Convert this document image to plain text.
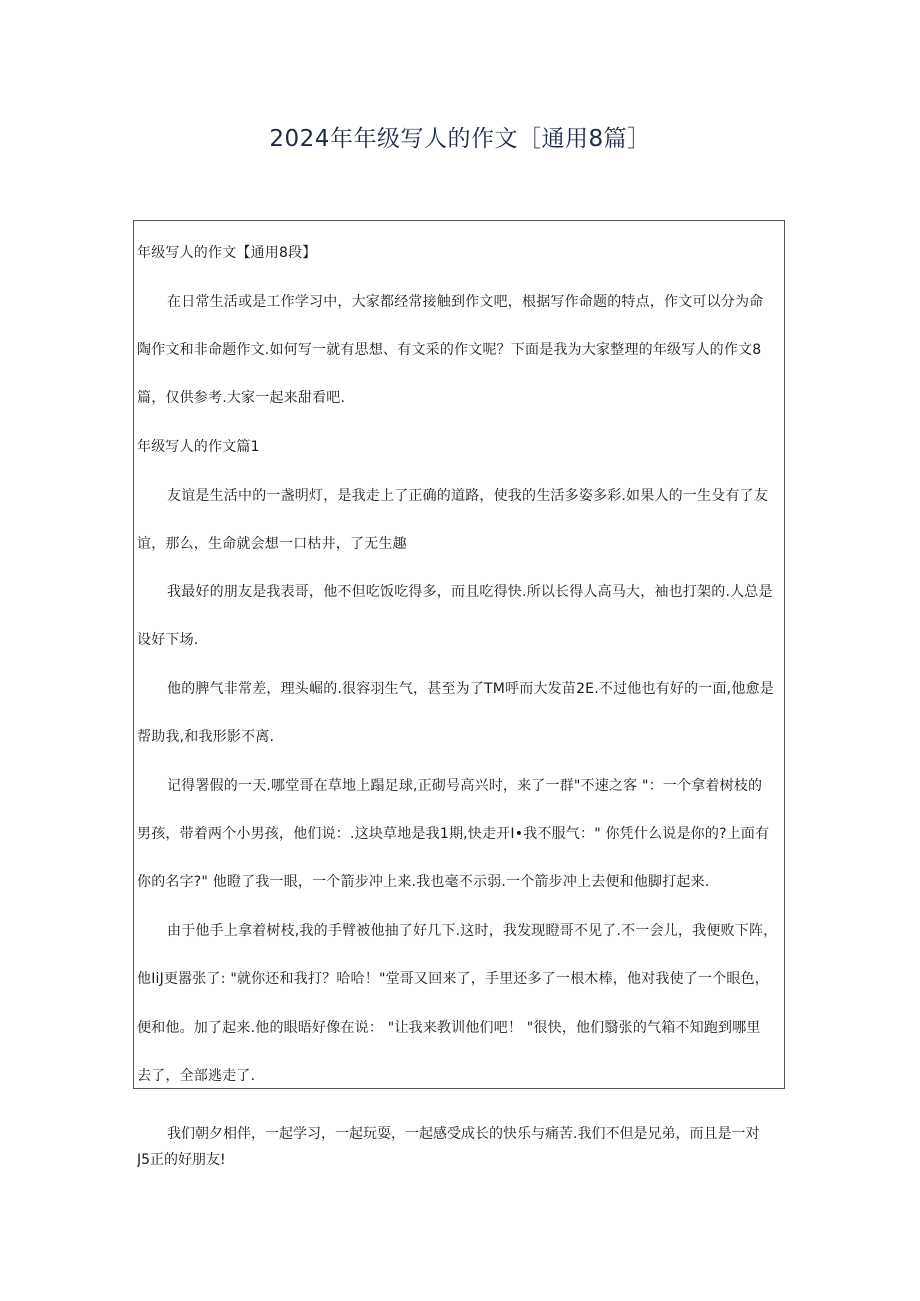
2024年年级写人的作文［通用8篇］
年级写人的作文【通用8段】
在日常生活或是工作学习中，大家都经常接触到作文吧，根据写作命题的特点，作文可以分为命
陶作文和非命题作文.如何写一就有思想、有文采的作文呢？下面是我为大家整理的年级写人的作文8
篇，仅供参考.大家一起来甜看吧.
年级写人的作文篇1
友谊是生活中的一盏明灯，是我走上了正确的道路，使我的生活多姿多彩.如果人的一生殳有了友
谊，那么，生命就会想一口枯井，了无生趣
我最好的朋友是我表哥，他不但吃饭吃得多，而且吃得快.所以长得人高马大，袖也打架的.人总是
设好下场.
他的脾气非常差，理头崛的.很容羽生气，甚至为了TM呼而大发苗2E.不过他也有好的一面,他愈是
帮助我,和我形影不离.
记得署假的一天.哪堂哥在草地上蹋足球,正砌号高兴时，来了一群"不速之客 "：一个拿着树枝的
男孩，带着两个小男孩，他们说：.这块草地是我1期,快走开I•我不服气：" 你凭什么说是你的?上面有
你的名字?" 他瞪了我一眼，一个箭步冲上来.我也毫不示弱.一个箭步冲上去便和他脚打起来.
由于他手上拿着树枝,我的手臂被他抽了好几下.这时，我发现瞪哥不见了.不一会儿，我便败下阵，
他IiJ更嚣张了: "就你还和我打？哈哈！"堂哥又回来了，手里还多了一根木棒，他对我使了一个眼色，
便和他。加了起来.他的眼晤好像在说： "让我来教训他们吧！ "很快，他们翳张的气箱不知跑到哪里
去了，全部逃走了.
我们朝夕相伴，一起学习，一起玩耍，一起感受成长的快乐与痛苦.我们不但是兄弟，而且是一对
J5正的好朋友!
